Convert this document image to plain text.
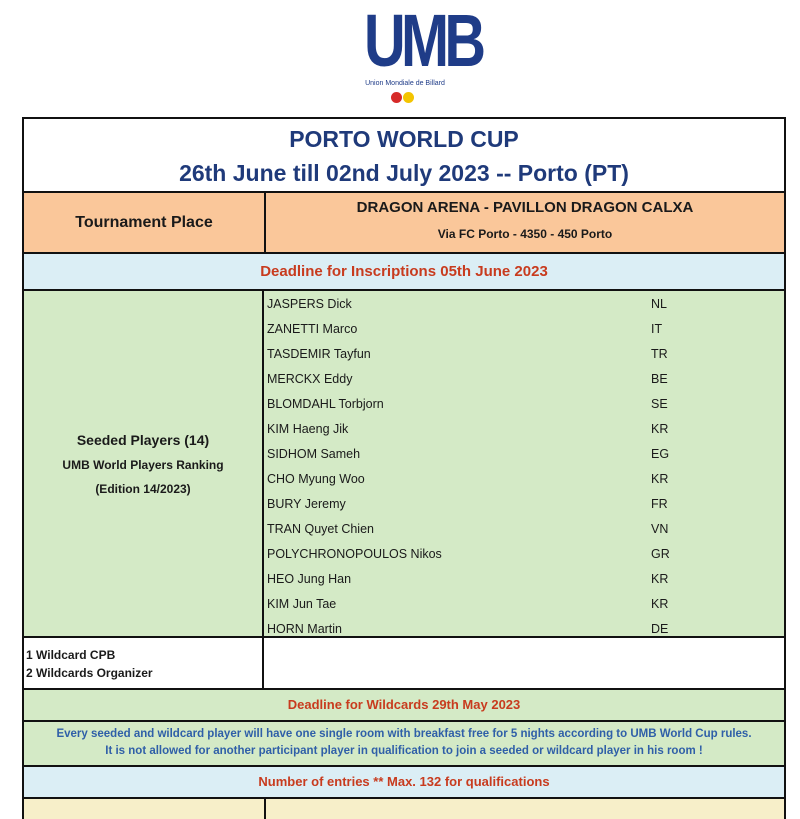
UMB
Union Mondiale de Billard
PORTO WORLD CUP
26th June till 02nd July 2023 -- Porto (PT)
Tournament Place
DRAGON ARENA - PAVILLON DRAGON CALXA
Via FC Porto - 4350 - 450 Porto
Deadline for Inscriptions 05th June 2023
Seeded Players (14)
UMB World Players Ranking
(Edition 14/2023)
JASPERS Dick	NL
ZANETTI Marco	IT
TASDEMIR Tayfun	TR
MERCKX Eddy	BE
BLOMDAHL Torbjorn	SE
KIM Haeng Jik	KR
SIDHOM Sameh	EG
CHO Myung Woo	KR
BURY Jeremy	FR
TRAN Quyet Chien	VN
POLYCHRONOPOULOS Nikos	GR
HEO Jung Han	KR
KIM Jun Tae	KR
HORN Martin	DE
1 Wildcard CPB
2 Wildcards Organizer
Deadline for Wildcards 29th May 2023
Every seeded and wildcard player will have one single room with breakfast free for 5 nights according to UMB World Cup rules.
It is not allowed for another participant player in qualification to join a seeded or wildcard player in his room !
Number of entries ** Max. 132 for qualifications
